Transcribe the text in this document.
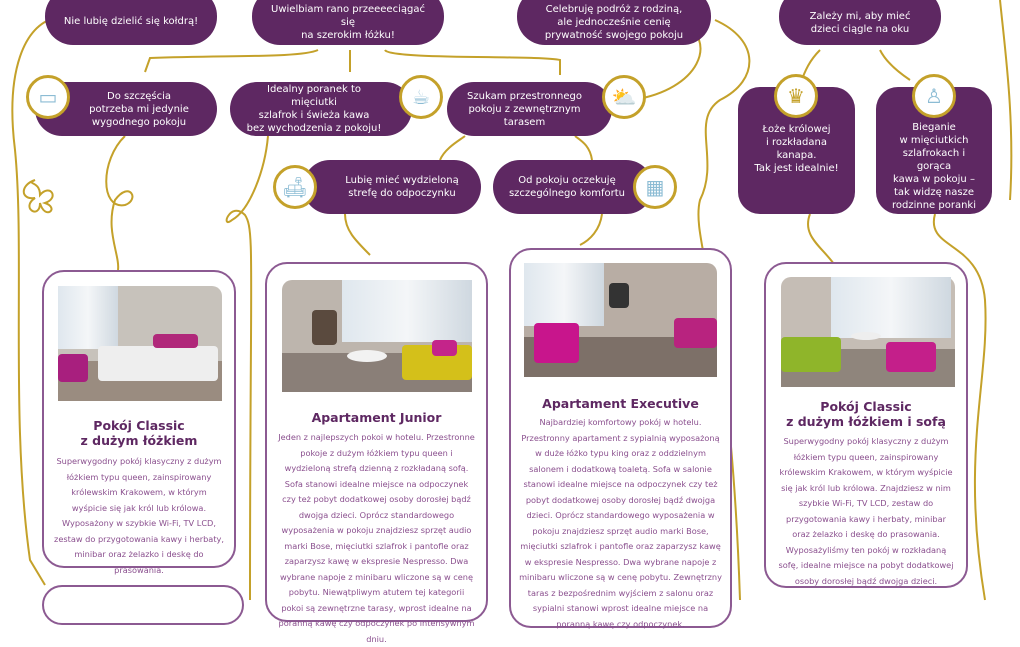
Nie lubię dzielić się kołdrą!
Uwielbiam rano przeeeeciągać się
na szerokim łóżku!
Celebruję podróż z rodziną,
ale jednocześnie cenię
prywatność swojego pokoju
Zależy mi, aby mieć
dzieci ciągle na oku
Do szczęścia
potrzeba mi jedynie
wygodnego pokoju
▭	Idealny poranek to mięciutki
szlafrok i świeża kawa
bez wychodzenia z pokoju!
☕	Szukam przestronnego
pokoju z zewnętrznym
tarasem
⛅
Lubię mieć wydzieloną
strefę do odpoczynku
🛋	Od pokoju oczekuję
szczególnego komfortu	▦
Łoże królowej
i rozkładana kanapa.
Tak jest idealnie!
♛
Bieganie
w mięciutkich
szlafrokach i gorąca
kawa w pokoju –
tak widzę nasze
rodzinne poranki
♙
Pokój Classic
z dużym łóżkiem
Superwygodny pokój klasyczny z dużym łóżkiem typu queen, zainspirowany królewskim Krakowem, w którym wyśpicie się jak król lub królowa. Wyposażony w szybkie Wi-Fi, TV LCD, zestaw do przygotowania kawy i herbaty, minibar oraz żelazko i deskę do prasowania.
Apartament Junior
Jeden z najlepszych pokoi w hotelu. Przestronne pokoje z dużym łóżkiem typu queen i wydzieloną strefą dzienną z rozkładaną sofą. Sofa stanowi idealne miejsce na odpoczynek czy też pobyt dodatkowej osoby dorosłej bądź dwojga dzieci. Oprócz standardowego wyposażenia w pokoju znajdziesz sprzęt audio marki Bose, mięciutki szlafrok i pantofle oraz zaparzysz kawę w ekspresie Nespresso. Dwa wybrane napoje z minibaru wliczone są w cenę pobytu. Niewątpliwym atutem tej kategorii pokoi są zewnętrzne tarasy, wprost idealne na poranną kawę czy odpoczynek po intensywnym dniu.
Apartament Executive
Najbardziej komfortowy pokój w hotelu. Przestronny apartament z sypialnią wyposażoną w duże łóżko typu king oraz z oddzielnym salonem i dodatkową toaletą. Sofa w salonie stanowi idealne miejsce na odpoczynek czy też pobyt dodatkowej osoby dorosłej bądź dwojga dzieci. Oprócz standardowego wyposażenia w pokoju znajdziesz sprzęt audio marki Bose, mięciutki szlafrok i pantofle oraz zaparzysz kawę w ekspresie Nespresso. Dwa wybrane napoje z minibaru wliczone są w cenę pobytu. Zewnętrzny taras z bezpośrednim wyjściem z salonu oraz sypialni stanowi wprost idealne miejsce na poranną kawę czy odpoczynek.
Pokój Classic
z dużym łóżkiem i sofą
Superwygodny pokój klasyczny z dużym łóżkiem typu queen, zainspirowany królewskim Krakowem, w którym wyśpicie się jak król lub królowa. Znajdziesz w nim szybkie Wi-Fi, TV LCD, zestaw do przygotowania kawy i herbaty, minibar oraz żelazko i deskę do prasowania. Wyposażyliśmy ten pokój w rozkładaną sofę, idealne miejsce na pobyt dodatkowej osoby dorosłej bądź dwojga dzieci.
